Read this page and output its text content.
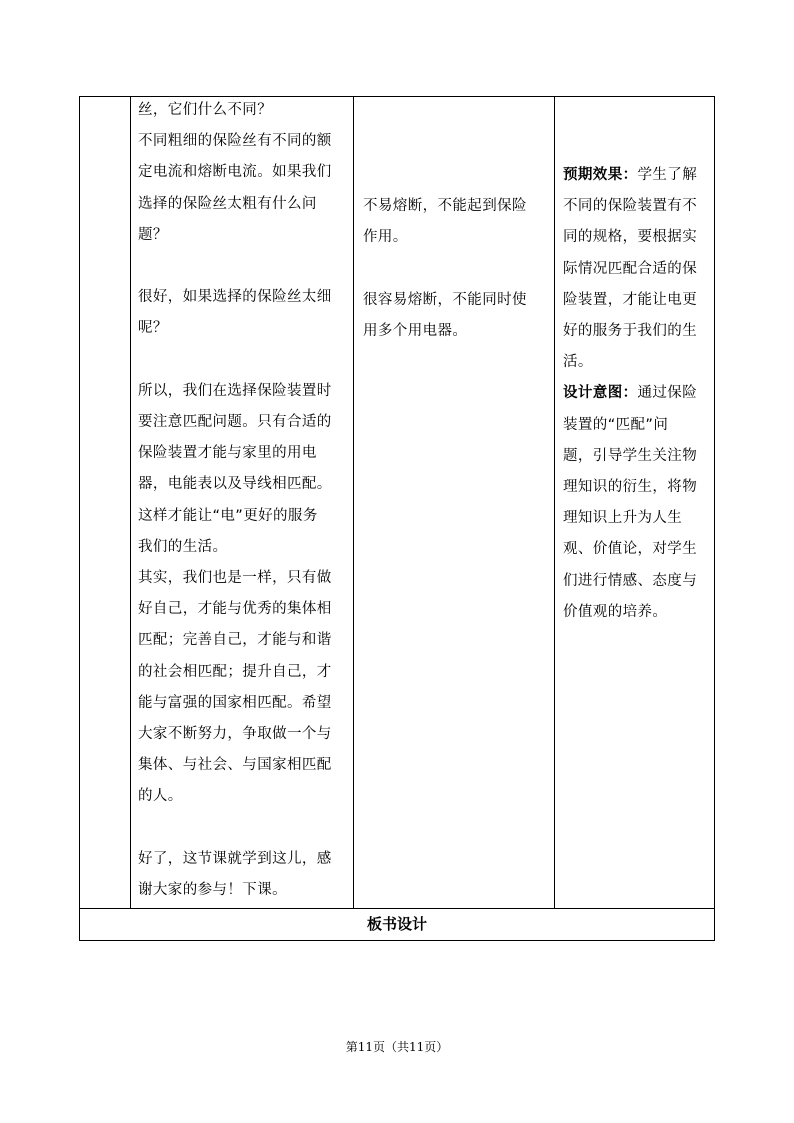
丝，它们什么不同？

不同粗细的保险丝有不同的额

定电流和熔断电流。如果我们

选择的保险丝太粗有什么问

题？

很好，如果选择的保险丝太细

呢？

所以，我们在选择保险装置时

要注意匹配问题。只有合适的

保险装置才能与家里的用电

器，电能表以及导线相匹配。

这样才能让“电”更好的服务

我们的生活。

其实，我们也是一样，只有做

好自己，才能与优秀的集体相

匹配；完善自己，才能与和谐

的社会相匹配；提升自己，才

能与富强的国家相匹配。希望

大家不断努力，争取做一个与

集体、与社会、与国家相匹配

的人。

好了，这节课就学到这儿，感

谢大家的参与！下课。

不易熔断，不能起到保险

作用。

很容易熔断，不能同时使

用多个用电器。

预期效果：学生了解

不同的保险装置有不

同的规格，要根据实

际情况匹配合适的保

险装置，才能让电更

好的服务于我们的生

活。

设计意图：通过保险

装置的“匹配”问

题，引导学生关注物

理知识的衍生，将物

理知识上升为人生

观、价值论，对学生

们进行情感、态度与

价值观的培养。

板书设计
第11页（共11页）
